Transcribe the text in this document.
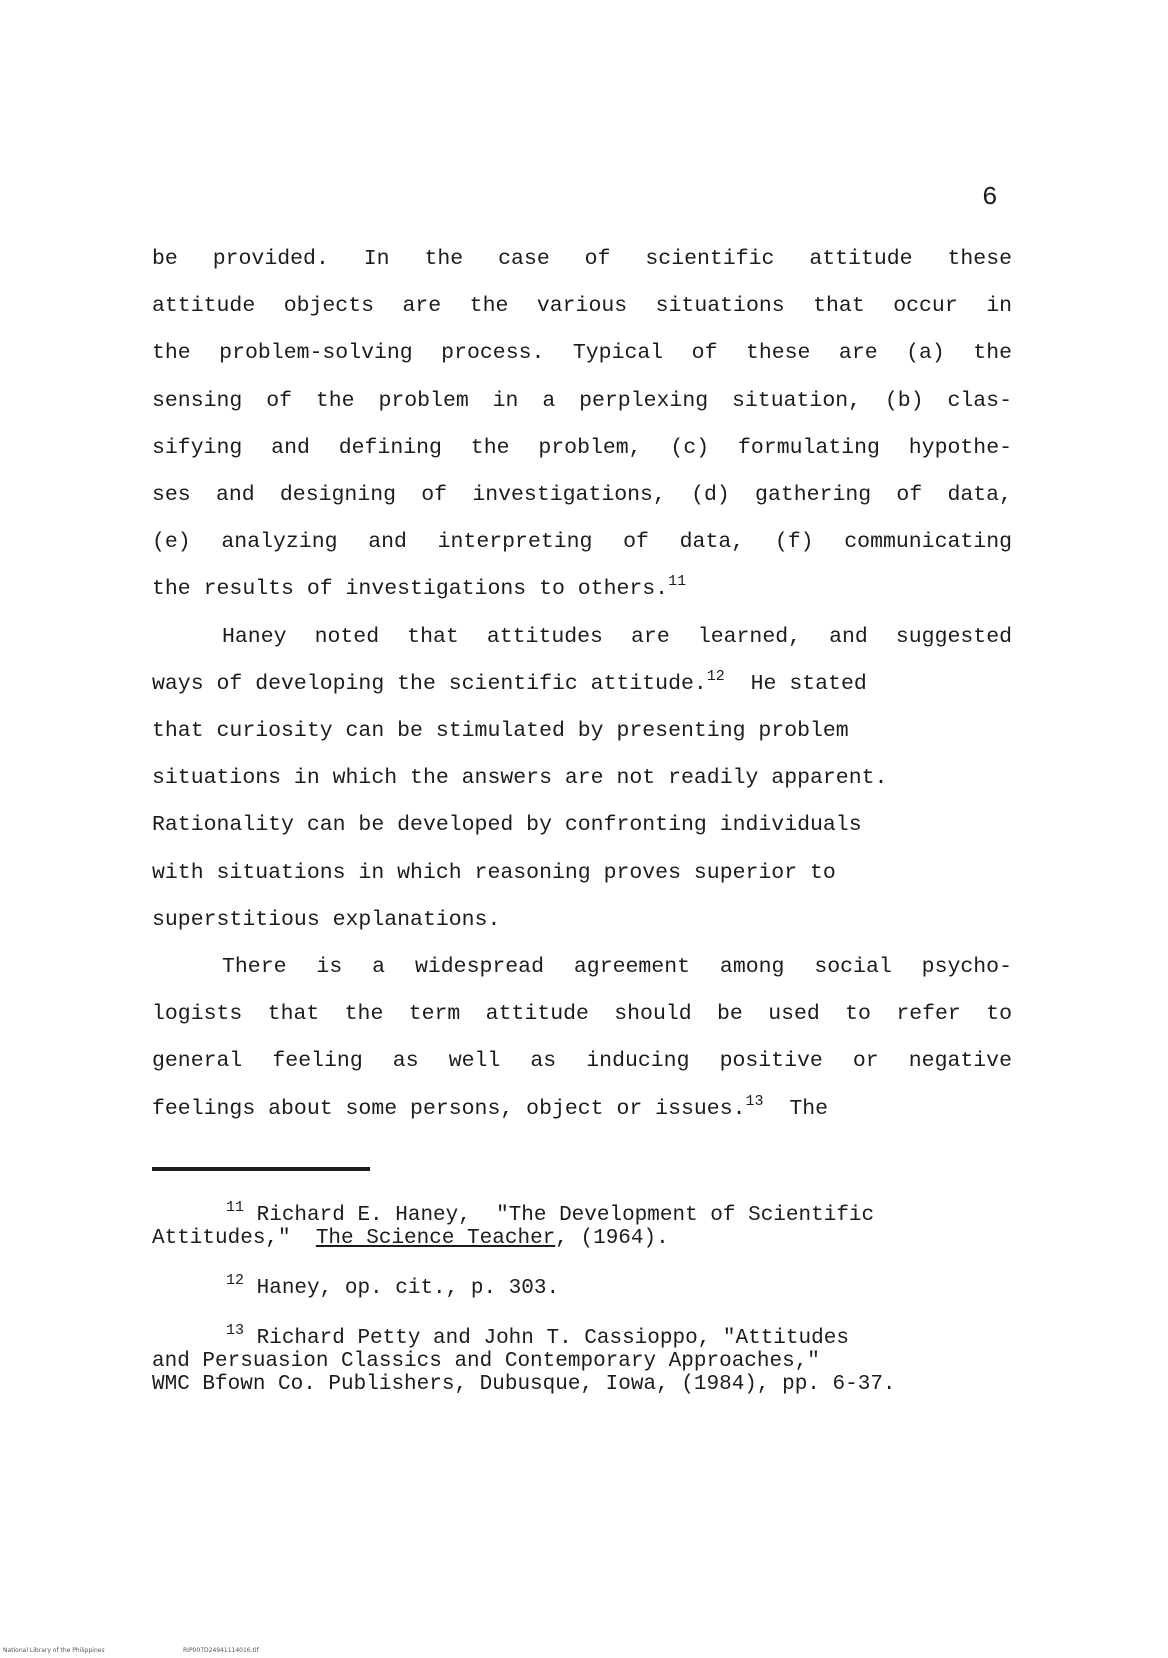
6
be provided. In the case of scientific attitude these
attitude objects are the various situations that occur in
the problem-solving process. Typical of these are (a) the
sensing of the problem in a perplexing situation, (b) clas-
sifying and defining the problem, (c) formulating hypothe-
ses and designing of investigations, (d) gathering of data,
(e) analyzing and interpreting of data, (f) communicating
the results of investigations to others.$^{11}$
Haney noted that attitudes are learned, and suggested
ways of developing the scientific attitude.$^{12}$ He stated
that curiosity can be stimulated by presenting problem
situations in which the answers are not readily apparent.
Rationality can be developed by confronting individuals
with situations in which reasoning proves superior to
superstitious explanations.
There is a widespread agreement among social psycho-
logists that the term attitude should be used to refer to
general feeling as well as inducing positive or negative
feelings about some persons, object or issues.$^{13}$ The
$^{11}$ Richard E. Haney,  "The Development of Scientific
Attitudes,"  The Science Teacher, (1964).
$^{12}$ Haney, op. cit., p. 303.
$^{13}$ Richard Petty and John T. Cassioppo, "Attitudes
and Persuasion Classics and Contemporary Approaches,"
WMC Bfown Co. Publishers, Dubusque, Iowa, (1984), pp. 6-37.
National Library of the Philippines	RIP007D24941114016.tif
